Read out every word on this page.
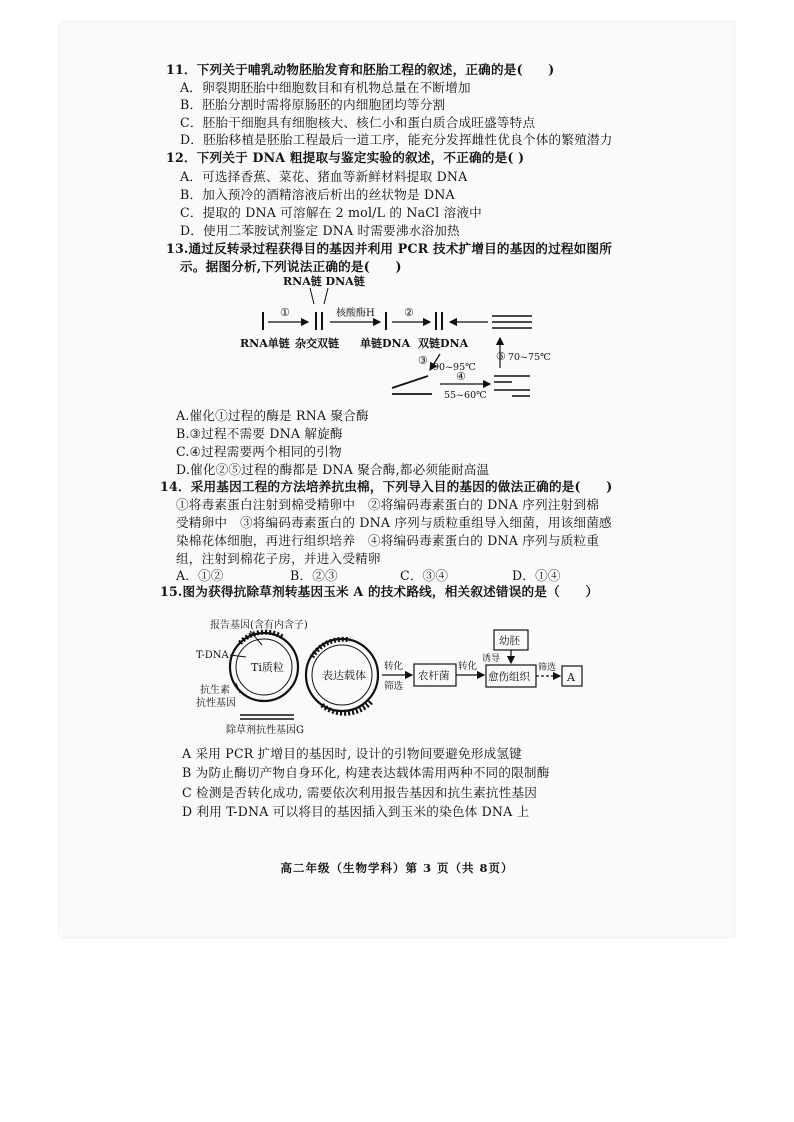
11．下列关于哺乳动物胚胎发育和胚胎工程的叙述，正确的是(　　)
A．卵裂期胚胎中细胞数目和有机物总量在不断增加
B．胚胎分割时需将原肠胚的内细胞团均等分割
C．胚胎干细胞具有细胞核大、核仁小和蛋白质合成旺盛等特点
D．胚胎移植是胚胎工程最后一道工序，能充分发挥雌性优良个体的繁殖潜力
12．下列关于 DNA 粗提取与鉴定实验的叙述，不正确的是( )
A．可选择香蕉、菜花、猪血等新鲜材料提取 DNA
B．加入预冷的酒精溶液后析出的丝状物是 DNA
C．提取的 DNA 可溶解在 2 mol/L 的 NaCl 溶液中
D．使用二苯胺试剂鉴定 DNA 时需要沸水浴加热
13.通过反转录过程获得目的基因并利用 PCR 技术扩增目的基因的过程如图所
示。据图分析,下列说法正确的是(　　)
RNA链 DNA链
①	核酸酶H	②
RNA单链 杂交双链 单链DNA 双链DNA
③
90~95℃
⑤ 70~75℃
④
55~60℃
A.催化①过程的酶是 RNA 聚合酶
B.③过程不需要 DNA 解旋酶
C.④过程需要两个相同的引物
D.催化②⑤过程的酶都是 DNA 聚合酶,都必须能耐高温
14．采用基因工程的方法培养抗虫棉，下列导入目的基因的做法正确的是(　　)
①将毒素蛋白注射到棉受精卵中　②将编码毒素蛋白的 DNA 序列注射到棉
受精卵中　③将编码毒素蛋白的 DNA 序列与质粒重组导入细菌，用该细菌感
染棉花体细胞，再进行组织培养　④将编码毒素蛋白的 DNA 序列与质粒重
组，注射到棉花子房，并进入受精卵
A．①②	B．②③	C．③④	D．①④
15.图为获得抗除草剂转基因玉米 A 的技术路线，相关叙述错误的是（　　）
报告基因(含有内含子)
T-DNA
Ti质粒
抗生素
抗性基因
除草剂抗性基因G
表达载体
转化
筛选
农杆菌
转化
幼胚
诱导
愈伤组织
筛选
A
A 采用 PCR 扩增目的基因时, 设计的引物间要避免形成氢键
B 为防止酶切产物自身环化, 构建表达载体需用两种不同的限制酶
C 检测是否转化成功, 需要依次利用报告基因和抗生素抗性基因
D 利用 T-DNA 可以将目的基因插入到玉米的染色体 DNA 上
高二年级（生物学科）第 3 页（共 8页）
